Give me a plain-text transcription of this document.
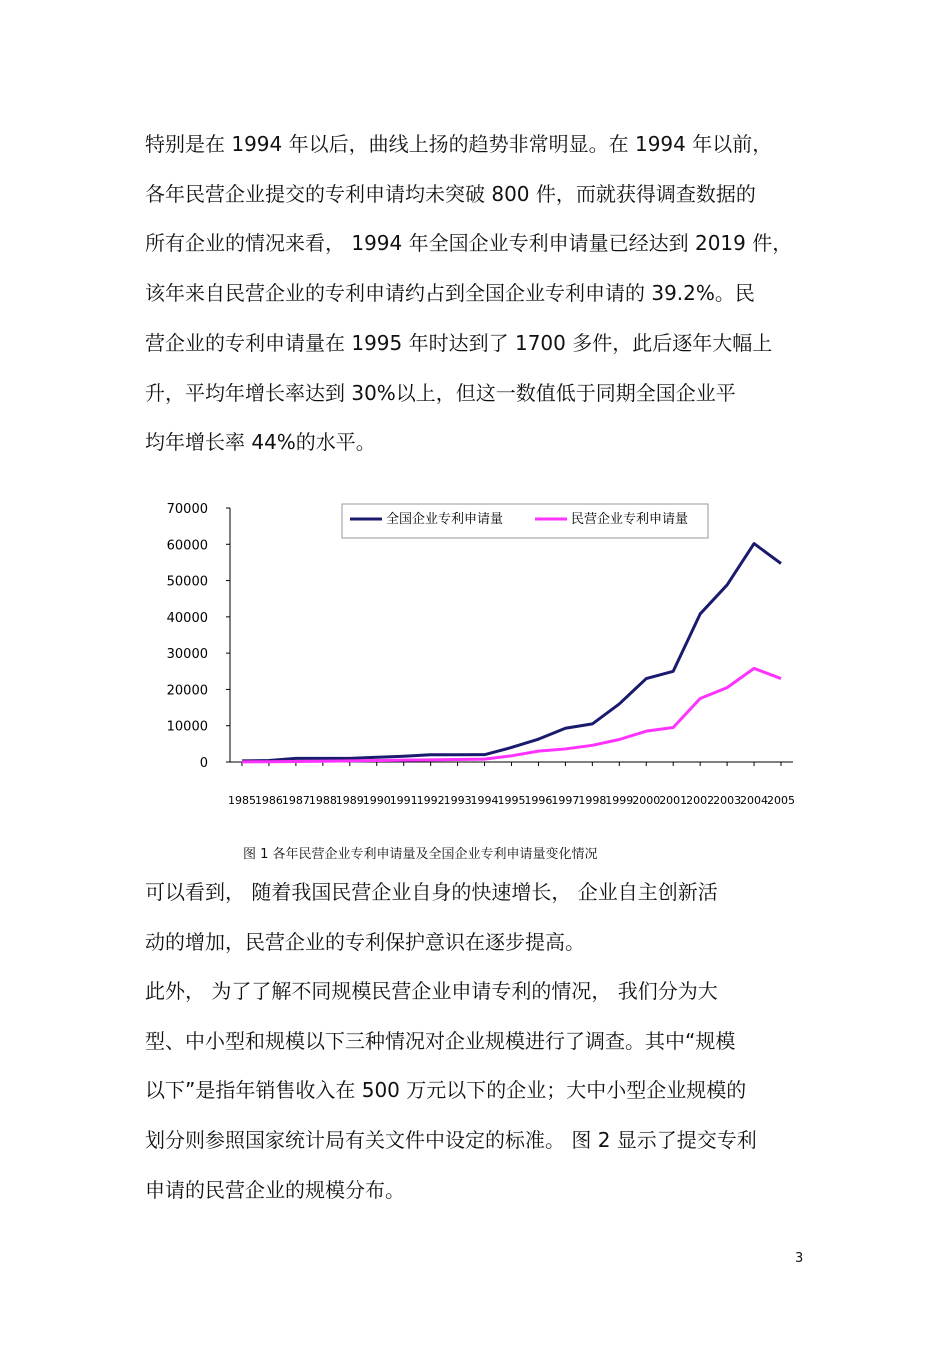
特别是在 1994 年以后，曲线上扬的趋势非常明显。在 1994 年以前，
各年民营企业提交的专利申请均未突破 800 件，而就获得调查数据的
所有企业的情况来看， 1994 年全国企业专利申请量已经达到 2019 件，
该年来自民营企业的专利申请约占到全国企业专利申请的 39.2%。民
营企业的专利申请量在 1995 年时达到了 1700 多件，此后逐年大幅上
升，平均年增长率达到 30%以上，但这一数值低于同期全国企业平
均年增长率 44%的水平。
0
10000
20000
30000
40000
50000
60000
70000
1985
1986
1987
1988
1989
1990
1991
1992
1993
1994
1995
1996
1997
1998
1999
2000
2001
2002
2003
2004
2005
全国企业专利申请量	民营企业专利申请量
图 1 各年民营企业专利申请量及全国企业专利申请量变化情况
可以看到， 随着我国民营企业自身的快速增长， 企业自主创新活
动的增加，民营企业的专利保护意识在逐步提高。
此外， 为了了解不同规模民营企业申请专利的情况， 我们分为大
型、中小型和规模以下三种情况对企业规模进行了调查。其中“规模
以下”是指年销售收入在 500 万元以下的企业；大中小型企业规模的
划分则参照国家统计局有关文件中设定的标准。 图 2 显示了提交专利
申请的民营企业的规模分布。
3
